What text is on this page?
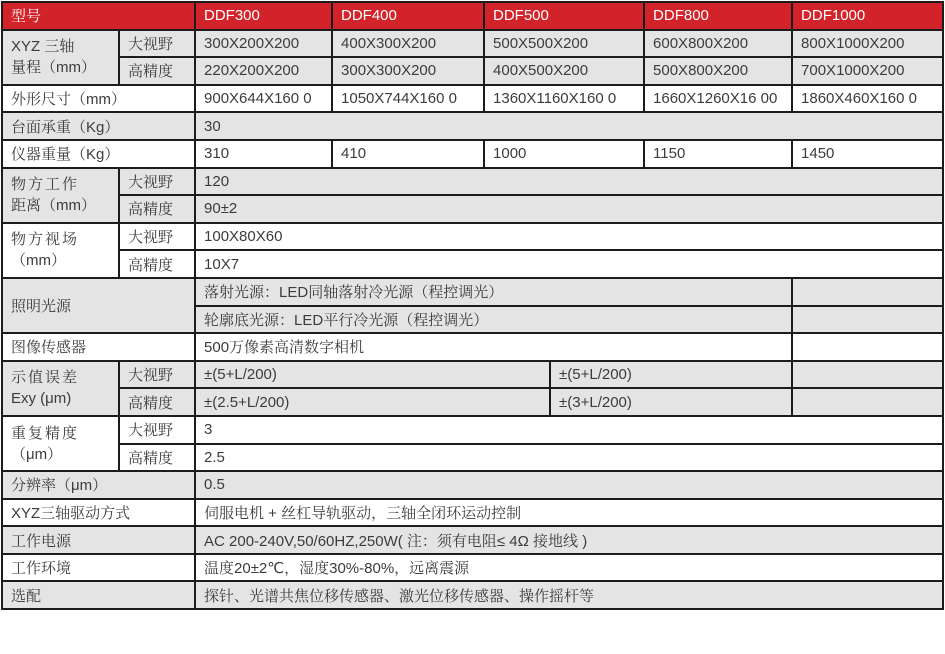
型号		DDF300	DDF400	DDF500		DDF800	DDF1000

XYZ 三轴
量程（mm）	大视野	300X200X200	400X300X200	500X500X200		600X800X200	800X1000X200
	高精度	220X200X200	300X300X200	400X500X200		500X800X200	700X1000X200
外形尺寸（mm）		900X644X160 0	1050X744X160 0	1360X1160X160 0		1660X1260X16 00	1860X460X160 0
台面承重（Kg）		30					
仪器重量（Kg）		310	410	1000		1150	1450

物方工作
距离（mm）	大视野	120					
	高精度	90±2					

物方视场
（mm）	大视野	100X80X60					
	高精度	10X7					
照明光源		落射光源：LED同轴落射冷光源（程控调光）					
		轮廓底光源：LED平行冷光源（程控调光）					
图像传感器		500万像素高清数字相机					

示值误差
Exy (μm)	大视野	±(5+L/200)			±(5+L/200)		
	高精度	±(2.5+L/200)			±(3+L/200)		

重复精度
（μm）	大视野	3					
	高精度	2.5					
分辨率（μm）		0.5					
XYZ三轴驱动方式		伺服电机 + 丝杠导轨驱动，三轴全闭环运动控制					
工作电源		AC 200-240V,50/60HZ,250W( 注：须有电阻≤ 4Ω 接地线 )					
工作环境		温度20±2℃，湿度30%-80%，远离震源					
选配		探针、光谱共焦位移传感器、激光位移传感器、操作摇杆等					
